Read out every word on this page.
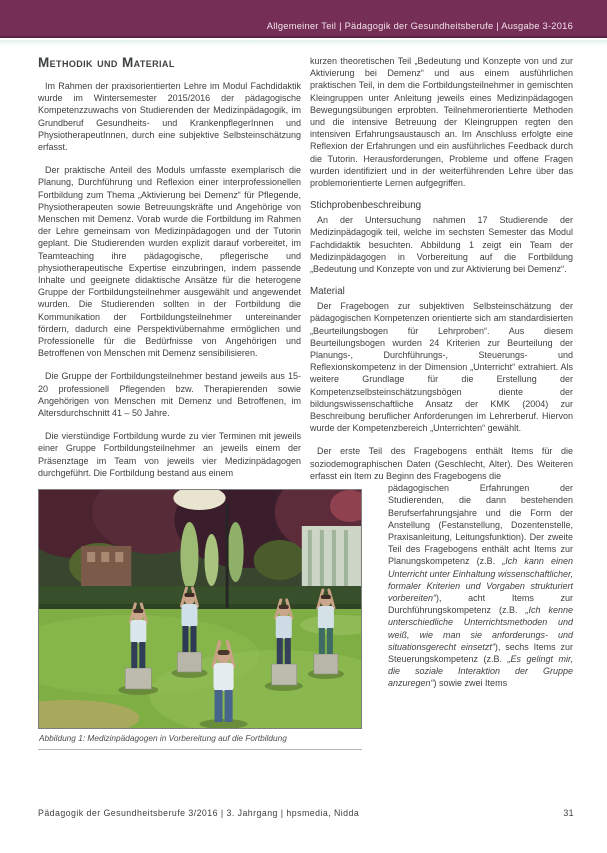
Allgemeiner Teil | Pädagogik der Gesundheitsberufe | Ausgabe 3-2016
Methodik und Material

Im Rahmen der praxisorientierten Lehre im Modul Fachdidaktik wurde im Wintersemester 2015/2016 der pädagogische Kompetenzzuwachs von Studierenden der Medizinpädagogik, im Grundberuf Gesundheits- und KrankenpflegerInnen und PhysiotherapeutInnen, durch eine subjektive Selbsteinschätzung erfasst.

Der praktische Anteil des Moduls umfasste exemplarisch die Planung, Durchführung und Reflexion einer interprofessionellen Fortbildung zum Thema „Aktivierung bei Demenz“ für Pflegende, Physiotherapeuten sowie Betreuungskräfte und Angehörige von Menschen mit Demenz. Vorab wurde die Fortbildung im Rahmen der Lehre gemeinsam von Medizinpädagogen und der Tutorin geplant. Die Studierenden wurden explizit darauf vorbereitet, im Teamteaching ihre pädagogische, pflegerische und physiotherapeutische Expertise einzubringen, indem passende Inhalte und geeignete didaktische Ansätze für die heterogene Gruppe der Fortbildungsteilnehmer ausgewählt und angewendet wurden. Die Studierenden sollten in der Fortbildung die Kommunikation der Fortbildungsteilnehmer untereinander fördern, dadurch eine Perspektivübernahme ermöglichen und Professionelle für die Bedürfnisse von Angehörigen und Betroffenen von Menschen mit Demenz sensibilisieren.

Die Gruppe der Fortbildungsteilnehmer bestand jeweils aus 15-20 professionell Pflegenden bzw. Therapierenden sowie Angehörigen von Menschen mit Demenz und Betroffenen, im Altersdurchschnitt 41 – 50 Jahre.

Die vierstündige Fortbildung wurde zu vier Terminen mit jeweils einer Gruppe Fortbildungsteilnehmer an jeweils einem der Präsenztage im Team von jeweils vier Medizinpädagogen durchgeführt. Die Fortbildung bestand aus einem

Abbildung 1: Medizinpädagogen in Vorbereitung auf die Fortbildung

kurzen theoretischen Teil „Bedeutung und Konzepte von und zur Aktivierung bei Demenz“ und aus einem ausführlichen praktischen Teil, in dem die Fortbildungsteilnehmer in gemischten Kleingruppen unter Anleitung jeweils eines Medizinpädagogen Bewegungsübungen erprobten. Teilnehmerorientierte Methoden und die intensive Betreuung der Kleingruppen regten den intensiven Erfahrungsaustausch an. Im Anschluss erfolgte eine Reflexion der Erfahrungen und ein ausführliches Feedback durch die Tutorin. Herausforderungen, Probleme und offene Fragen wurden identifiziert und in der weiterführenden Lehre über das problemorientierte Lernen aufgegriffen.

Stichprobenbeschreibung

An der Untersuchung nahmen 17 Studierende der Medizinpädagogik teil, welche im sechsten Semester das Modul Fachdidaktik besuchten. Abbildung 1 zeigt ein Team der Medizinpädagogen in Vorbereitung auf die Fortbildung „Bedeutung und Konzepte von und zur Aktivierung bei Demenz“.

Material

Der Fragebogen zur subjektiven Selbsteinschätzung der pädagogischen Kompetenzen orientierte sich am standardisierten „Beurteilungsbogen für Lehrproben“. Aus diesem Beurteilungsbogen wurden 24 Kriterien zur Beurteilung der Planungs-, Durchführungs-, Steuerungs- und Reflexionskompetenz in der Dimension „Unterricht“ extrahiert. Als weitere Grundlage für die Erstellung der Kompetenzselbsteinschätzungsbögen diente der bildungswissenschaftliche Ansatz der KMK (2004) zur Beschreibung beruflicher Anforderungen im Lehrerberuf. Hiervon wurde der Kompetenzbereich „Unterrichten“ gewählt.

Der erste Teil des Fragebogens enthält Items für die soziodemographischen Daten (Geschlecht, Alter). Des Weiteren erfasst ein Item zu Beginn des Fragebogens die

pädagogischen Erfahrungen der Studierenden, die dann bestehenden Berufserfahrungsjahre und die Form der Anstellung (Festanstellung, Dozentenstelle, Praxisanleitung, Leitungsfunktion). Der zweite Teil des Fragebogens enthält acht Items zur Planungskompetenz (z.B. „Ich kann einen Unterricht unter Einhaltung wissenschaftlicher, formaler Kriterien und Vorgaben strukturiert vorbereiten“), acht Items zur Durchführungskompetenz (z.B. „Ich kenne unterschiedliche Unterrichtsmethoden und weiß, wie man sie anforderungs- und situationsgerecht einsetzt“), sechs Items zur Steuerungskompetenz (z.B. „Es gelingt mir, die soziale Interaktion der Gruppe anzuregen“) sowie zwei Items

Pädagogik der Gesundheitsberufe 3/2016 | 3. Jahrgang | hpsmedia, Nidda	31
